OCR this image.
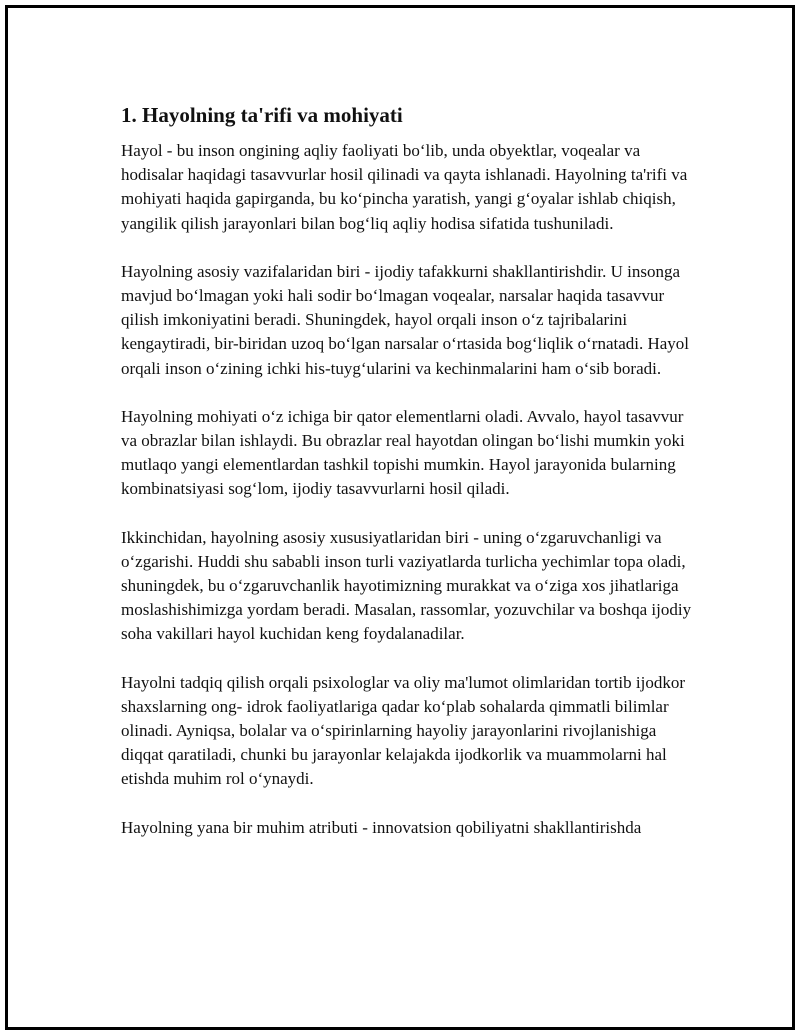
1. Hayolning ta'rifi va mohiyati

Hayol - bu inson ongining aqliy faoliyati bo‘lib, unda obyektlar, voqealar va hodisalar haqidagi tasavvurlar hosil qilinadi va qayta ishlanadi. Hayolning ta'rifi va mohiyati haqida gapirganda, bu ko‘pincha yaratish, yangi g‘oyalar ishlab chiqish, yangilik qilish jarayonlari bilan bog‘liq aqliy hodisa sifatida tushuniladi.

Hayolning asosiy vazifalaridan biri - ijodiy tafakkurni shakllantirishdir. U insonga mavjud bo‘lmagan yoki hali sodir bo‘lmagan voqealar, narsalar haqida tasavvur qilish imkoniyatini beradi. Shuningdek, hayol orqali inson o‘z tajribalarini kengaytiradi, bir-biridan uzoq bo‘lgan narsalar o‘rtasida bog‘liqlik o‘rnatadi. Hayol orqali inson o‘zining ichki his-tuyg‘ularini va kechinmalarini ham o‘sib boradi.

Hayolning mohiyati o‘z ichiga bir qator elementlarni oladi. Avvalo, hayol tasavvur va obrazlar bilan ishlaydi. Bu obrazlar real hayotdan olingan bo‘lishi mumkin yoki mutlaqo yangi elementlardan tashkil topishi mumkin. Hayol jarayonida bularning kombinatsiyasi sog‘lom, ijodiy tasavvurlarni hosil qiladi.

Ikkinchidan, hayolning asosiy xususiyatlaridan biri - uning o‘zgaruvchanligi va o‘zgarishi. Huddi shu sababli inson turli vaziyatlarda turlicha yechimlar topa oladi, shuningdek, bu o‘zgaruvchanlik hayotimizning murakkat va o‘ziga xos jihatlariga moslashishimizga yordam beradi. Masalan, rassomlar, yozuvchilar va boshqa ijodiy soha vakillari hayol kuchidan keng foydalanadilar.

Hayolni tadqiq qilish orqali psixologlar va oliy ma'lumot olimlaridan tortib ijodkor shaxslarning ong- idrok faoliyatlariga qadar ko‘plab sohalarda qimmatli bilimlar olinadi. Ayniqsa, bolalar va o‘spirinlarning hayoliy jarayonlarini rivojlanishiga diqqat qaratiladi, chunki bu jarayonlar kelajakda ijodkorlik va muammolarni hal etishda muhim rol o‘ynaydi.

Hayolning yana bir muhim atributi - innovatsion qobiliyatni shakllantirishda
